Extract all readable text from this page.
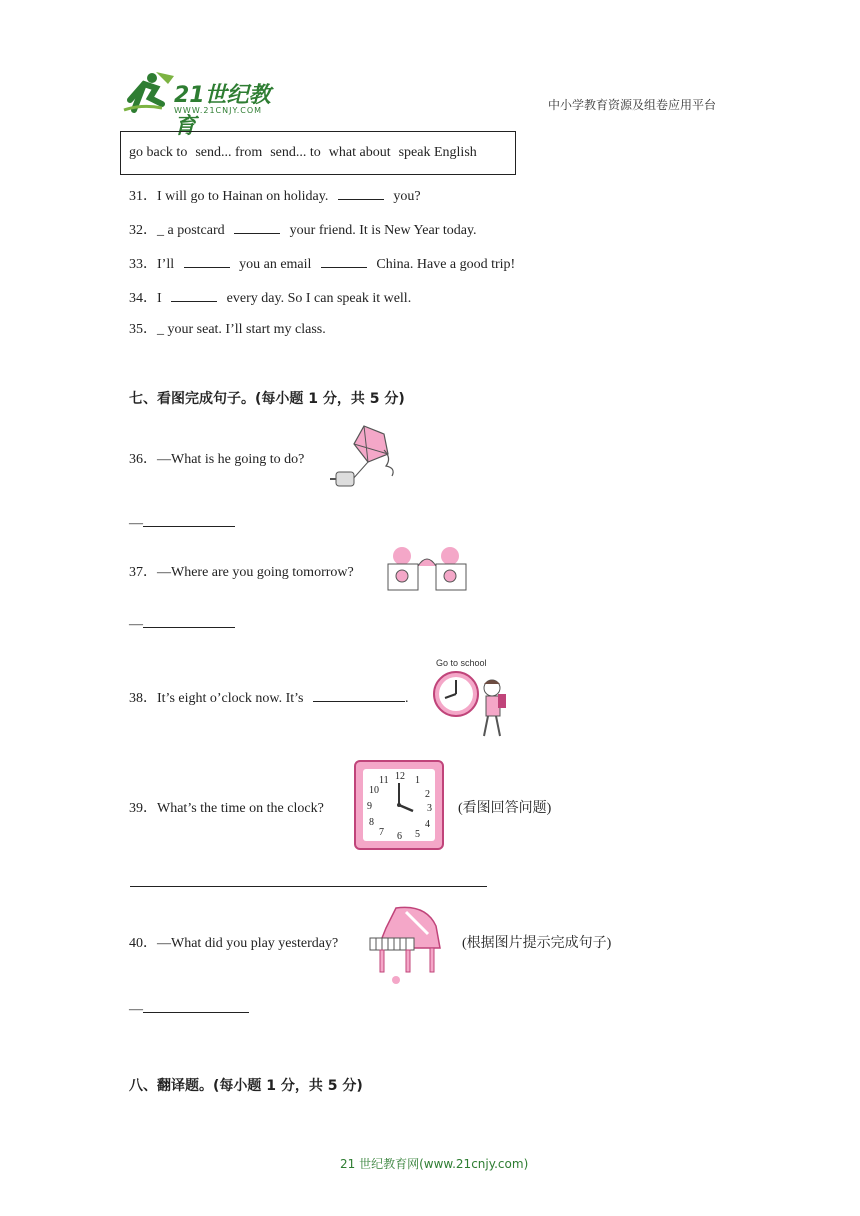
21世纪教育
WWW.21CNJY.COM	中小学教育资源及组卷应用平台
go back to send... from send... to what about speak English
31．I will go to Hainan on holiday.	you?
32．_ a postcard	your friend. It is New Year today.
33．I’ll	you an email	China. Have a good trip!
34．I	every day. So I can speak it well.
35．_ your seat. I’ll start my class.
七、看图完成句子。(每小题 1 分，共 5 分)
36．—What is he going to do?
—
37．—Where are you going tomorrow?
—
38．It’s eight o’clock now. It’s	.
Go to school
39．What’s the time on the clock?
12 1
2
3
4
5
6
7
8
9
10
11
(看图回答问题)
40．—What did you play yesterday?	(根据图片提示完成句子)
—
八、翻译题。(每小题 1 分，共 5 分)
21 世纪教育网(www.21cnjy.com)
